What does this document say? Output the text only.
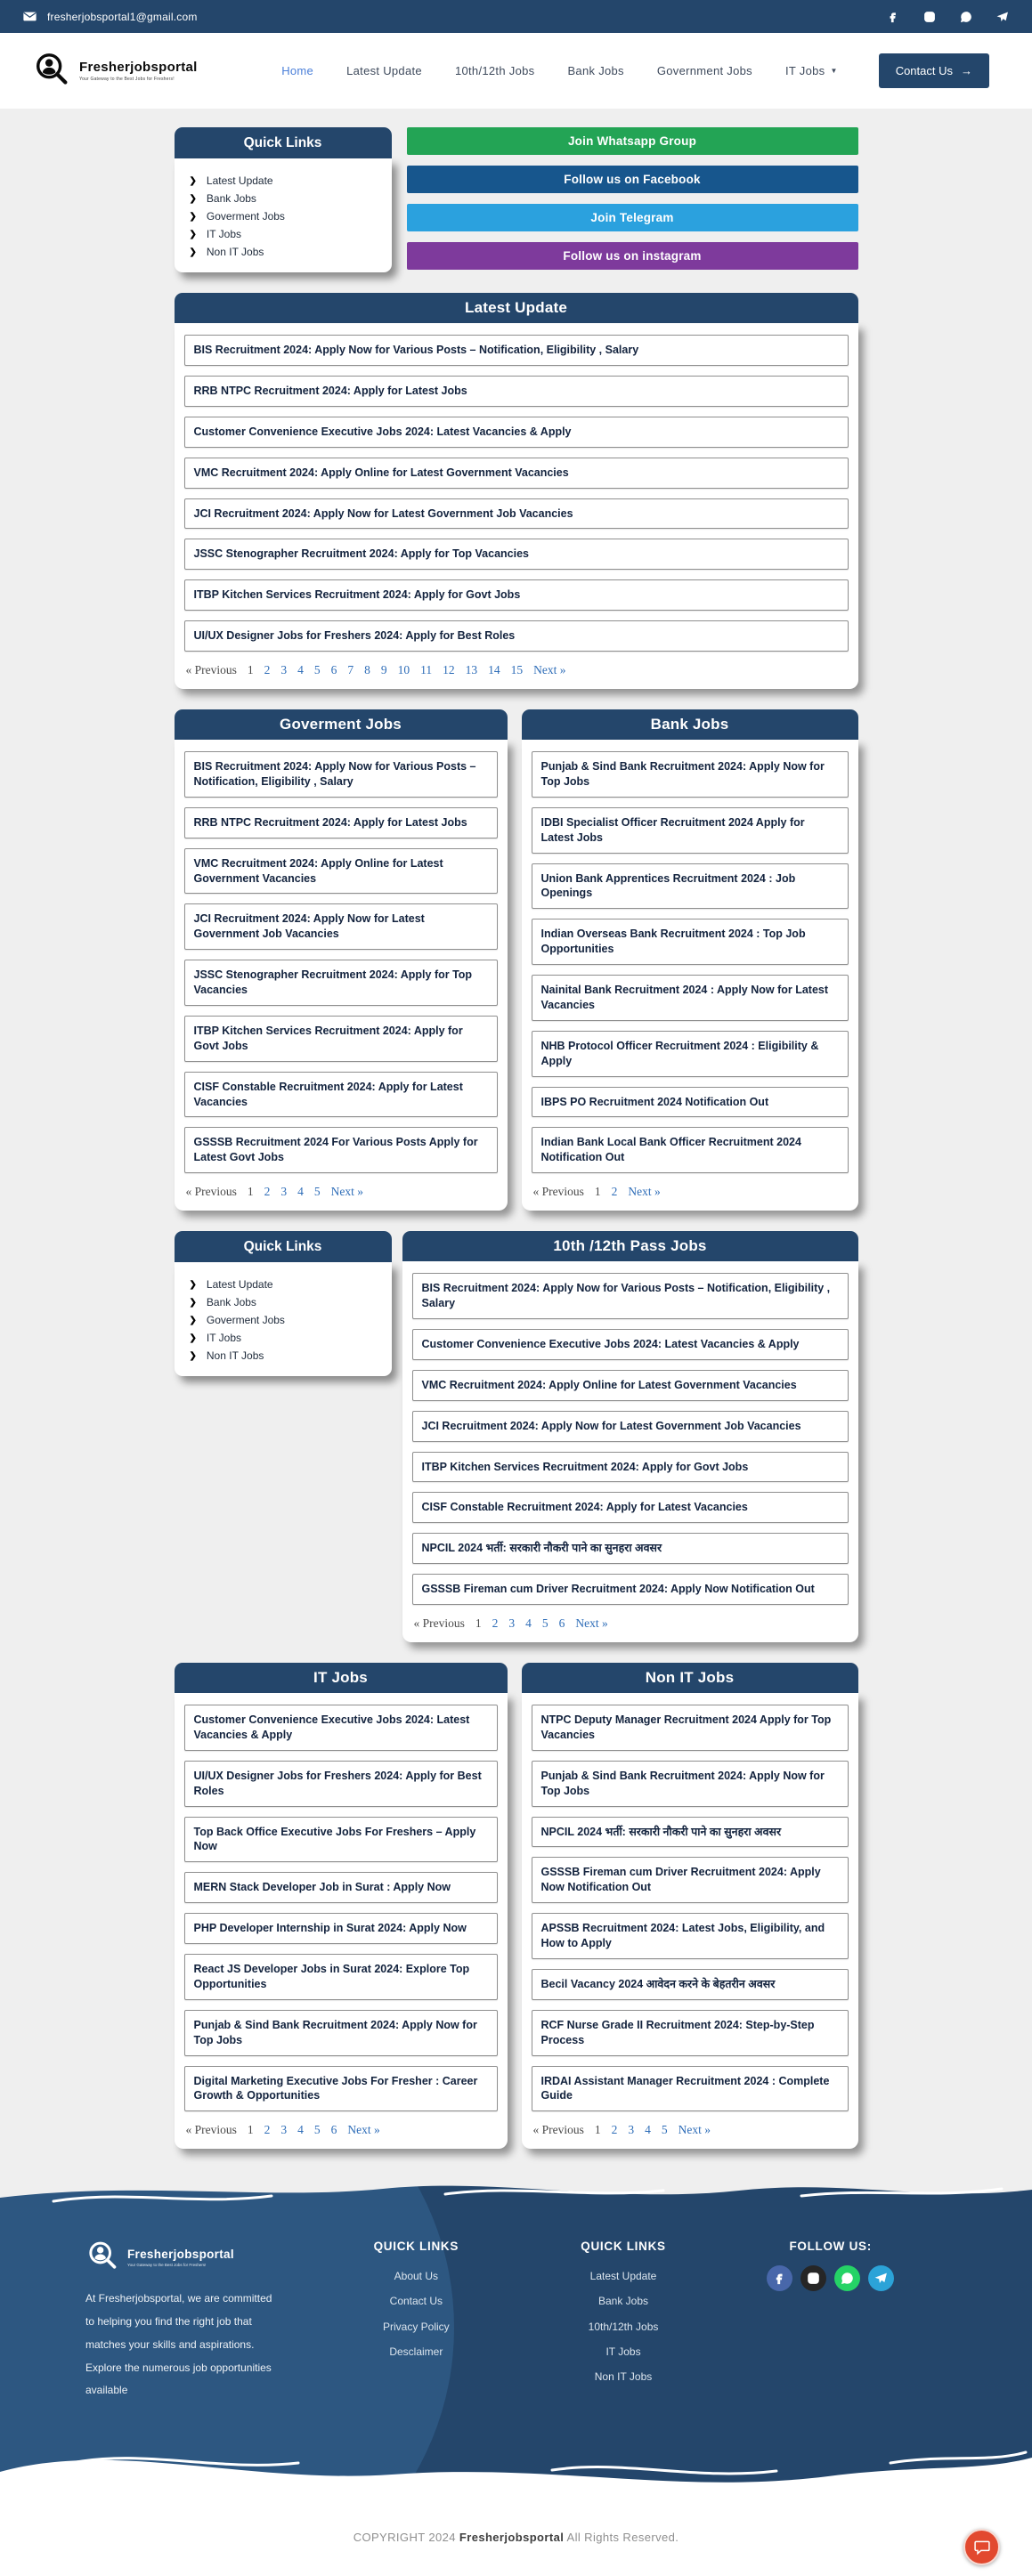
fresherjobsportal1@gmail.com
Fresherjobsportal
Your Gateway to the Best Jobs for Freshers!
Home	Latest Update	10th/12th Jobs	Bank Jobs	Government Jobs	IT Jobs ▼	Contact Us →
Quick Links
❯ Latest Update
❯ Bank Jobs
❯ Goverment Jobs
❯ IT Jobs
❯ Non IT Jobs
Join Whatsapp Group
Follow us on Facebook
Join Telegram
Follow us on instagram
Latest Update
BIS Recruitment 2024: Apply Now for Various Posts – Notification, Eligibility , Salary
RRB NTPC Recruitment 2024: Apply for Latest Jobs
Customer Convenience Executive Jobs 2024: Latest Vacancies & Apply
VMC Recruitment 2024: Apply Online for Latest Government Vacancies
JCI Recruitment 2024: Apply Now for Latest Government Job Vacancies
JSSC Stenographer Recruitment 2024: Apply for Top Vacancies
ITBP Kitchen Services Recruitment 2024: Apply for Govt Jobs
UI/UX Designer Jobs for Freshers 2024: Apply for Best Roles
« Previous 1 2 3 4 5 6 7 8 9 10 11 12 13 14 15 Next »
Goverment Jobs
BIS Recruitment 2024: Apply Now for Various Posts – Notification, Eligibility , Salary
RRB NTPC Recruitment 2024: Apply for Latest Jobs
VMC Recruitment 2024: Apply Online for Latest Government Vacancies
JCI Recruitment 2024: Apply Now for Latest Government Job Vacancies
JSSC Stenographer Recruitment 2024: Apply for Top Vacancies
ITBP Kitchen Services Recruitment 2024: Apply for Govt Jobs
CISF Constable Recruitment 2024: Apply for Latest Vacancies
GSSSB Recruitment 2024 For Various Posts Apply for Latest Govt Jobs
« Previous 1 2 3 4 5 Next »
Bank Jobs
Punjab & Sind Bank Recruitment 2024: Apply Now for Top Jobs
IDBI Specialist Officer Recruitment 2024 Apply for Latest Jobs
Union Bank Apprentices Recruitment 2024 : Job Openings
Indian Overseas Bank Recruitment 2024 : Top Job Opportunities
Nainital Bank Recruitment 2024 : Apply Now for Latest Vacancies
NHB Protocol Officer Recruitment 2024 : Eligibility & Apply
IBPS PO Recruitment 2024 Notification Out
Indian Bank Local Bank Officer Recruitment 2024 Notification Out
« Previous 1 2 Next »
Quick Links
❯ Latest Update
❯ Bank Jobs
❯ Goverment Jobs
❯ IT Jobs
❯ Non IT Jobs
10th /12th Pass Jobs
BIS Recruitment 2024: Apply Now for Various Posts – Notification, Eligibility , Salary
Customer Convenience Executive Jobs 2024: Latest Vacancies & Apply
VMC Recruitment 2024: Apply Online for Latest Government Vacancies
JCI Recruitment 2024: Apply Now for Latest Government Job Vacancies
ITBP Kitchen Services Recruitment 2024: Apply for Govt Jobs
CISF Constable Recruitment 2024: Apply for Latest Vacancies
NPCIL 2024 भर्ती: सरकारी नौकरी पाने का सुनहरा अवसर
GSSSB Fireman cum Driver Recruitment 2024: Apply Now Notification Out
« Previous 1 2 3 4 5 6 Next »
IT Jobs
Customer Convenience Executive Jobs 2024: Latest Vacancies & Apply
UI/UX Designer Jobs for Freshers 2024: Apply for Best Roles
Top Back Office Executive Jobs For Freshers – Apply Now
MERN Stack Developer Job in Surat : Apply Now
PHP Developer Internship in Surat 2024: Apply Now
React JS Developer Jobs in Surat 2024: Explore Top Opportunities
Punjab & Sind Bank Recruitment 2024: Apply Now for Top Jobs
Digital Marketing Executive Jobs For Fresher : Career Growth & Opportunities
« Previous 1 2 3 4 5 6 Next »
Non IT Jobs
NTPC Deputy Manager Recruitment 2024 Apply for Top Vacancies
Punjab & Sind Bank Recruitment 2024: Apply Now for Top Jobs
NPCIL 2024 भर्ती: सरकारी नौकरी पाने का सुनहरा अवसर
GSSSB Fireman cum Driver Recruitment 2024: Apply Now Notification Out
APSSB Recruitment 2024: Latest Jobs, Eligibility, and How to Apply
Becil Vacancy 2024 आवेदन करने के बेहतरीन अवसर
RCF Nurse Grade II Recruitment 2024: Step-by-Step Process
IRDAI Assistant Manager Recruitment 2024 : Complete Guide
« Previous 1 2 3 4 5 Next »
Fresherjobsportal
Your Gateway to the Best Jobs for Freshers!
At Fresherjobsportal, we are committed to helping you find the right job that matches your skills and aspirations. Explore the numerous job opportunities available
QUICK LINKS
About Us
Contact Us
Privacy Policy
Desclaimer
QUICK LINKS
Latest Update
Bank Jobs
10th/12th Jobs
IT Jobs
Non IT Jobs
FOLLOW US:
COPYRIGHT 2024 Fresherjobsportal All Rights Reserved.
